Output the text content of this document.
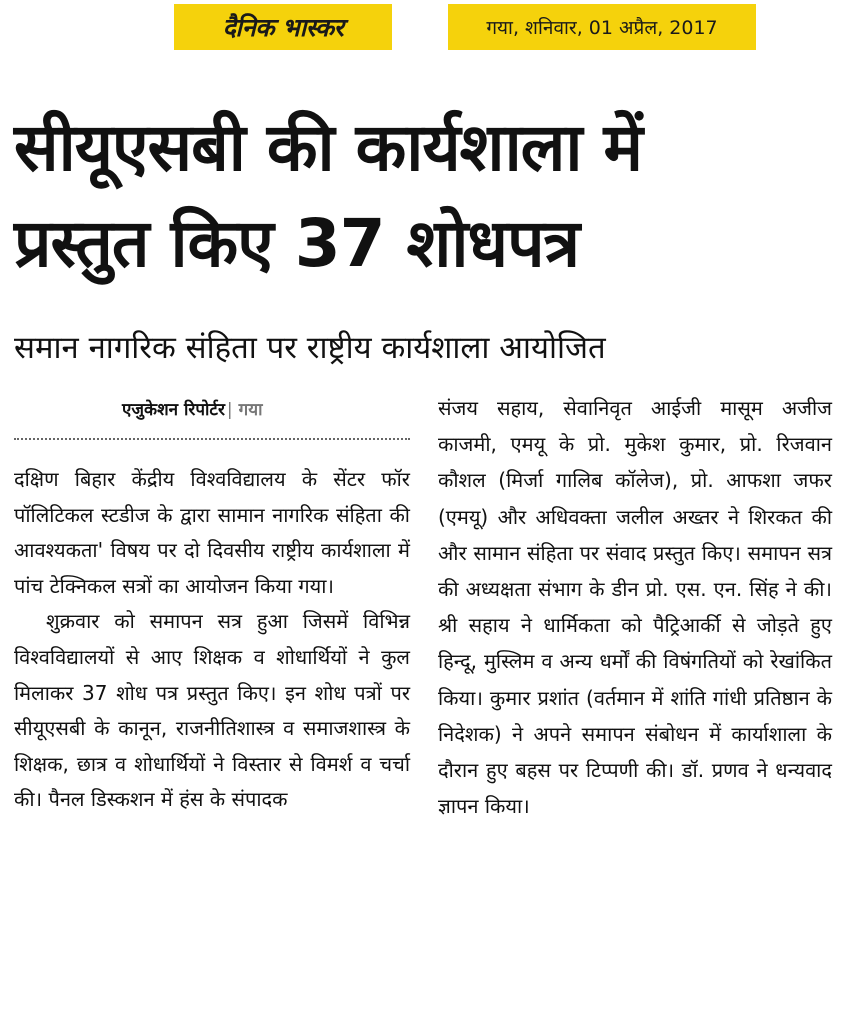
दैनिक भास्कर	गया, शनिवार, 01 अप्रैल, 2017
सीयूएसबी की कार्यशाला में
प्रस्तुत किए 37 शोधपत्र
समान नागरिक संहिता पर राष्ट्रीय कार्यशाला आयोजित
एजुकेशन रिपोर्टर | गया

दक्षिण बिहार केंद्रीय विश्वविद्यालय के सेंटर फॉर पॉलिटिकल स्टडीज के द्वारा सामान नागरिक संहिता की आवश्यकता' विषय पर दो दिवसीय राष्ट्रीय कार्यशाला में पांच टेक्निकल सत्रों का आयोजन किया गया।

शुक्रवार को समापन सत्र हुआ जिसमें विभिन्न विश्वविद्यालयों से आए शिक्षक व शोधार्थियों ने कुल मिलाकर 37 शोध पत्र प्रस्तुत किए। इन शोध पत्रों पर सीयूएसबी के कानून, राजनीतिशास्त्र व समाजशास्त्र के शिक्षक, छात्र व शोधार्थियों ने विस्तार से विमर्श व चर्चा की। पैनल डिस्कशन में हंस के संपादक

संजय सहाय, सेवानिवृत आईजी मासूम अजीज काजमी, एमयू के प्रो. मुकेश कुमार, प्रो. रिजवान कौशल (मिर्जा गालिब कॉलेज), प्रो. आफशा जफर (एमयू) और अधिवक्ता जलील अख्तर ने शिरकत की और सामान संहिता पर संवाद प्रस्तुत किए। समापन सत्र की अध्यक्षता संभाग के डीन प्रो. एस. एन. सिंह ने की। श्री सहाय ने धार्मिकता को पैट्रिआर्की से जोड़ते हुए हिन्दू, मुस्लिम व अन्य धर्मों की विषंगतियों को रेखांकित किया। कुमार प्रशांत (वर्तमान में शांति गांधी प्रतिष्ठान के निदेशक) ने अपने समापन संबोधन में कार्याशाला के दौरान हुए बहस पर टिप्पणी की। डॉ. प्रणव ने धन्यवाद ज्ञापन किया।
